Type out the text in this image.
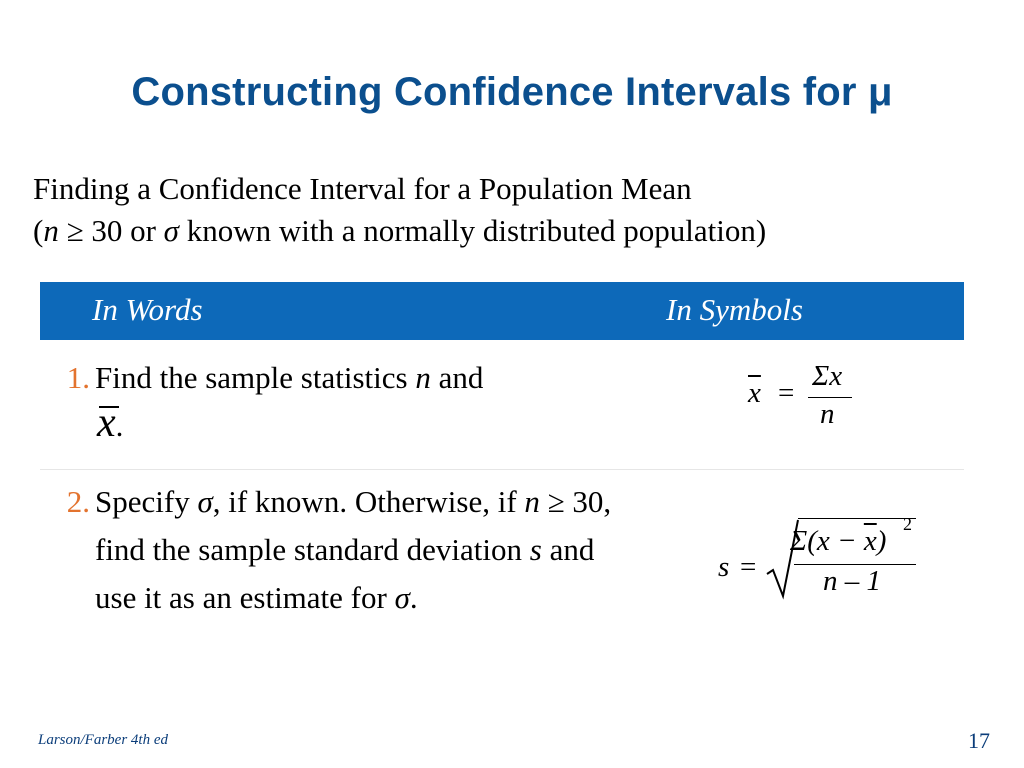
Constructing Confidence Intervals for μ
Finding a Confidence Interval for a Population Mean
(n ≥ 30 or σ known with a normally distributed population)
In Words	In Symbols
1. Find the sample statistics n and
x.
2. Specify σ, if known. Otherwise, if n ≥ 30, find the sample standard deviation s and use it as an estimate for σ.
$\overline{x}$ =
Σx
n
s =
$\Sigma(x - \overline{x})$
2
n – 1
Larson/Farber 4th ed	17
